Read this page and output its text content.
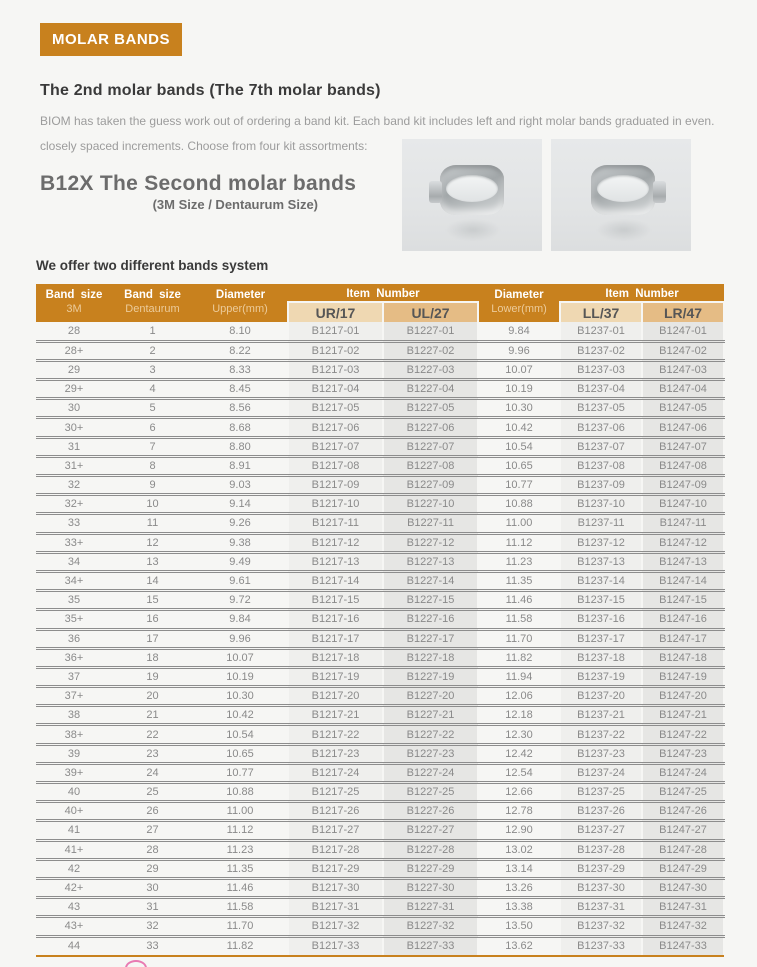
MOLAR BANDS
The 2nd molar bands (The 7th molar bands)
BIOM has taken the guess work out of ordering a band kit. Each band kit includes left and right molar bands graduated in even.
closely spaced increments. Choose from four kit assortments:
B12X The Second molar bands
(3M Size / Dentaurum Size)
We offer two different bands system
Band size	Band size	Diameter	Item Number		Diameter	Item Number	
3M	Dentaurum	Upper(mm)	UR/17	UL/27	Lower(mm)	LL/37	LR/47
28	1	8.10	B1217-01	B1227-01	9.84	B1237-01	B1247-01
28+	2	8.22	B1217-02	B1227-02	9.96	B1237-02	B1247-02
29	3	8.33	B1217-03	B1227-03	10.07	B1237-03	B1247-03
29+	4	8.45	B1217-04	B1227-04	10.19	B1237-04	B1247-04
30	5	8.56	B1217-05	B1227-05	10.30	B1237-05	B1247-05
30+	6	8.68	B1217-06	B1227-06	10.42	B1237-06	B1247-06
31	7	8.80	B1217-07	B1227-07	10.54	B1237-07	B1247-07
31+	8	8.91	B1217-08	B1227-08	10.65	B1237-08	B1247-08
32	9	9.03	B1217-09	B1227-09	10.77	B1237-09	B1247-09
32+	10	9.14	B1217-10	B1227-10	10.88	B1237-10	B1247-10
33	11	9.26	B1217-11	B1227-11	11.00	B1237-11	B1247-11
33+	12	9.38	B1217-12	B1227-12	11.12	B1237-12	B1247-12
34	13	9.49	B1217-13	B1227-13	11.23	B1237-13	B1247-13
34+	14	9.61	B1217-14	B1227-14	11.35	B1237-14	B1247-14
35	15	9.72	B1217-15	B1227-15	11.46	B1237-15	B1247-15
35+	16	9.84	B1217-16	B1227-16	11.58	B1237-16	B1247-16
36	17	9.96	B1217-17	B1227-17	11.70	B1237-17	B1247-17
36+	18	10.07	B1217-18	B1227-18	11.82	B1237-18	B1247-18
37	19	10.19	B1217-19	B1227-19	11.94	B1237-19	B1247-19
37+	20	10.30	B1217-20	B1227-20	12.06	B1237-20	B1247-20
38	21	10.42	B1217-21	B1227-21	12.18	B1237-21	B1247-21
38+	22	10.54	B1217-22	B1227-22	12.30	B1237-22	B1247-22
39	23	10.65	B1217-23	B1227-23	12.42	B1237-23	B1247-23
39+	24	10.77	B1217-24	B1227-24	12.54	B1237-24	B1247-24
40	25	10.88	B1217-25	B1227-25	12.66	B1237-25	B1247-25
40+	26	11.00	B1217-26	B1227-26	12.78	B1237-26	B1247-26
41	27	11.12	B1217-27	B1227-27	12.90	B1237-27	B1247-27
41+	28	11.23	B1217-28	B1227-28	13.02	B1237-28	B1247-28
42	29	11.35	B1217-29	B1227-29	13.14	B1237-29	B1247-29
42+	30	11.46	B1217-30	B1227-30	13.26	B1237-30	B1247-30
43	31	11.58	B1217-31	B1227-31	13.38	B1237-31	B1247-31
43+	32	11.70	B1217-32	B1227-32	13.50	B1237-32	B1247-32
44	33	11.82	B1217-33	B1227-33	13.62	B1237-33	B1247-33
